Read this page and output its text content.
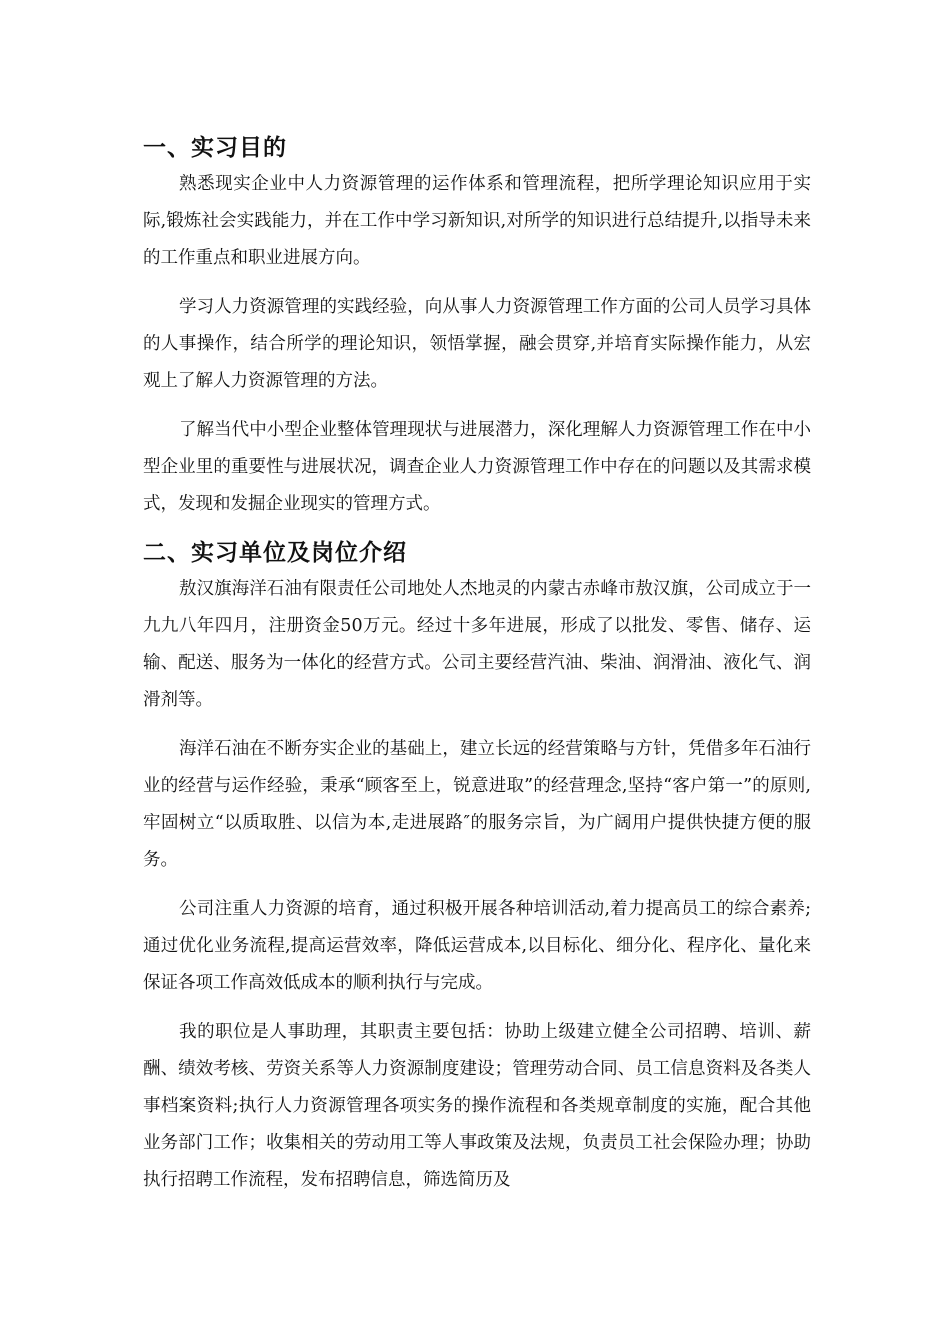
一、实习目的

熟悉现实企业中人力资源管理的运作体系和管理流程，把所学理论知识应用于实际,锻炼社会实践能力，并在工作中学习新知识,对所学的知识进行总结提升,以指导未来的工作重点和职业进展方向。

学习人力资源管理的实践经验，向从事人力资源管理工作方面的公司人员学习具体的人事操作，结合所学的理论知识，领悟掌握，融会贯穿,并培育实际操作能力，从宏观上了解人力资源管理的方法。

了解当代中小型企业整体管理现状与进展潜力，深化理解人力资源管理工作在中小型企业里的重要性与进展状况，调查企业人力资源管理工作中存在的问题以及其需求模式，发现和发掘企业现实的管理方式。

二、实习单位及岗位介绍

敖汉旗海洋石油有限责任公司地处人杰地灵的内蒙古赤峰市敖汉旗，公司成立于一九九八年四月，注册资金50万元。经过十多年进展，形成了以批发、零售、储存、运输、配送、服务为一体化的经营方式。公司主要经营汽油、柴油、润滑油、液化气、润滑剂等。

海洋石油在不断夯实企业的基础上，建立长远的经营策略与方针，凭借多年石油行业的经营与运作经验，秉承“顾客至上，锐意进取”的经营理念,坚持“客户第一”的原则,牢固树立“以质取胜、以信为本,走进展路″的服务宗旨，为广阔用户提供快捷方便的服务。

公司注重人力资源的培育，通过积极开展各种培训活动,着力提高员工的综合素养;通过优化业务流程,提高运营效率，降低运营成本,以目标化、细分化、程序化、量化来保证各项工作高效低成本的顺利执行与完成。

我的职位是人事助理，其职责主要包括：协助上级建立健全公司招聘、培训、薪酬、绩效考核、劳资关系等人力资源制度建设；管理劳动合同、员工信息资料及各类人事档案资料;执行人力资源管理各项实务的操作流程和各类规章制度的实施，配合其他业务部门工作；收集相关的劳动用工等人事政策及法规，负责员工社会保险办理；协助执行招聘工作流程，发布招聘信息，筛选简历及
